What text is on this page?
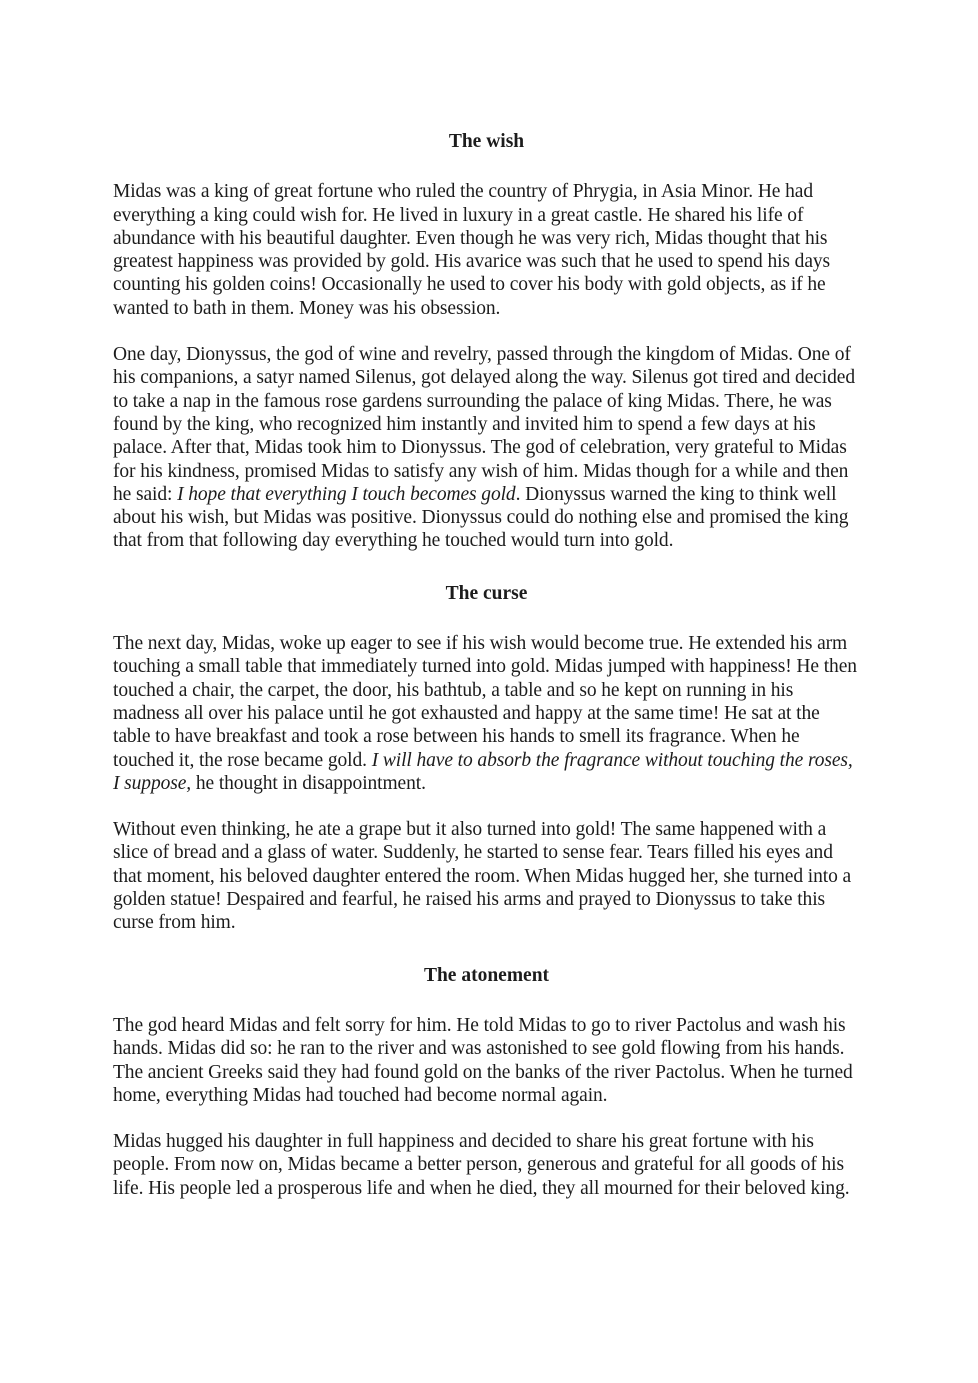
The wish

Midas was a king of great fortune who ruled the country of Phrygia, in Asia Minor. He had everything a king could wish for. He lived in luxury in a great castle. He shared his life of abundance with his beautiful daughter. Even though he was very rich, Midas thought that his greatest happiness was provided by gold. His avarice was such that he used to spend his days counting his golden coins! Occasionally he used to cover his body with gold objects, as if he wanted to bath in them. Money was his obsession.

One day, Dionyssus, the god of wine and revelry, passed through the kingdom of Midas. One of his companions, a satyr named Silenus, got delayed along the way. Silenus got tired and decided to take a nap in the famous rose gardens surrounding the palace of king Midas. There, he was found by the king, who recognized him instantly and invited him to spend a few days at his palace. After that, Midas took him to Dionyssus. The god of celebration, very grateful to Midas for his kindness, promised Midas to satisfy any wish of him. Midas though for a while and then he said: I hope that everything I touch becomes gold. Dionyssus warned the king to think well about his wish, but Midas was positive. Dionyssus could do nothing else and promised the king that from that following day everything he touched would turn into gold.

The curse

The next day, Midas, woke up eager to see if his wish would become true. He extended his arm touching a small table that immediately turned into gold. Midas jumped with happiness! He then touched a chair, the carpet, the door, his bathtub, a table and so he kept on running in his madness all over his palace until he got exhausted and happy at the same time! He sat at the table to have breakfast and took a rose between his hands to smell its fragrance. When he touched it, the rose became gold. I will have to absorb the fragrance without touching the roses, I suppose, he thought in disappointment.

Without even thinking, he ate a grape but it also turned into gold! The same happened with a slice of bread and a glass of water. Suddenly, he started to sense fear. Tears filled his eyes and that moment, his beloved daughter entered the room. When Midas hugged her, she turned into a golden statue! Despaired and fearful, he raised his arms and prayed to Dionyssus to take this curse from him.

The atonement

The god heard Midas and felt sorry for him. He told Midas to go to river Pactolus and wash his hands. Midas did so: he ran to the river and was astonished to see gold flowing from his hands. The ancient Greeks said they had found gold on the banks of the river Pactolus. When he turned home, everything Midas had touched had become normal again.

Midas hugged his daughter in full happiness and decided to share his great fortune with his people. From now on, Midas became a better person, generous and grateful for all goods of his life. His people led a prosperous life and when he died, they all mourned for their beloved king.
